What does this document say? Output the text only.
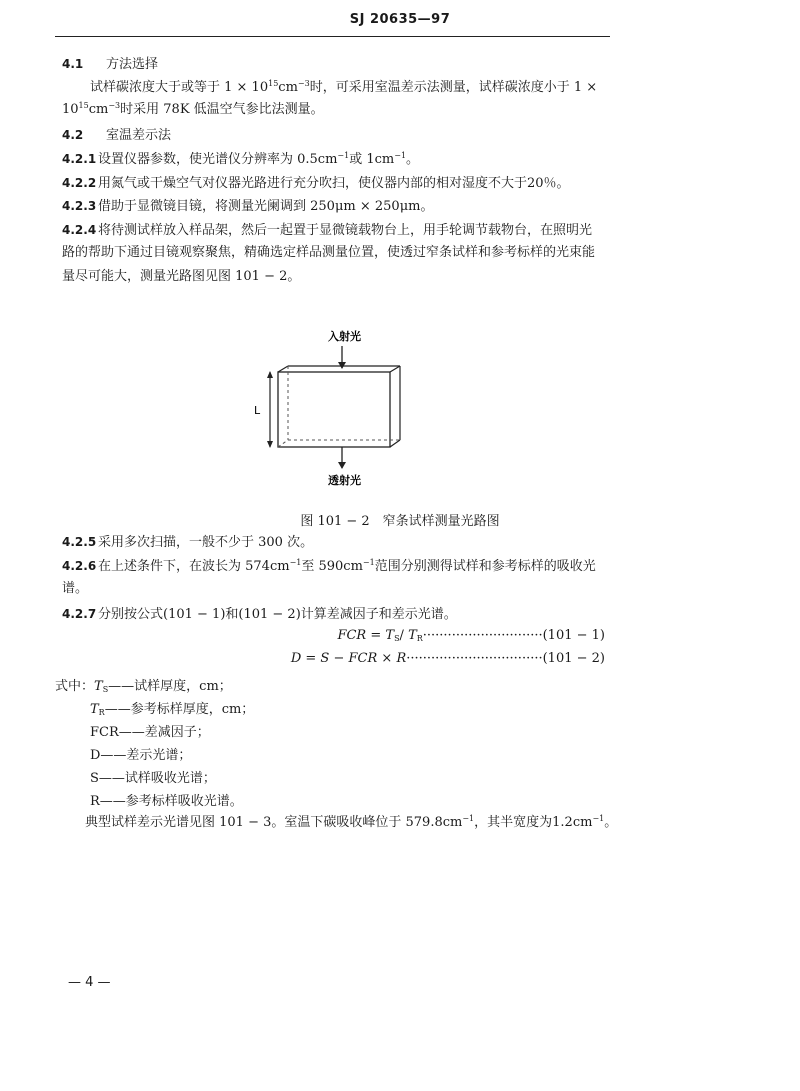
SJ 20635—97
4.1 方法选择
试样碳浓度大于或等于 $1 \times 10^{15}cm^{-3}$时，可采用室温差示法测量，试样碳浓度小于 1 ×
$10^{15}cm^{-3}$时采用 78K 低温空气参比法测量。
4.2 室温差示法
4.2.1 设置仪器参数，使光谱仪分辨率为 $0.5cm^{-1}$或 $1cm^{-1}$。
4.2.2 用氮气或干燥空气对仪器光路进行充分吹扫，使仪器内部的相对湿度不大于20％。
4.2.3 借助于显微镜目镜，将测量光阑调到 250μm × 250μm。
4.2.4 将待测试样放入样品架，然后一起置于显微镜载物台上，用手轮调节载物台，在照明光
路的帮助下通过目镜观察聚焦，精确选定样品测量位置，使透过窄条试样和参考标样的光束能
量尽可能大，测量光路图见图 101 − 2。
入射光
L
透射光
图 101 − 2　窄条试样测量光路图
4.2.5 采用多次扫描，一般不少于 300 次。
4.2.6 在上述条件下，在波长为 $574cm^{-1}$至 $590cm^{-1}$范围分别测得试样和参考标样的吸收光
谱。
4.2.7 分别按公式(101 − 1)和(101 − 2)计算差减因子和差示光谱。
FCR = $T_S/$ $T_R\cdot\cdot\cdot\cdot\cdot\cdot\cdot\cdot\cdot\cdot\cdot\cdot\cdot\cdot\cdot\cdot\cdot\cdot\cdot\cdot\cdot\cdot\cdot\cdot\cdot\cdot\cdot\cdot\cdot(101 - 1)$
D = S − FCR × R·································(101 − 2)
式中：$T_S——$试样厚度，cm；
$T_R——$参考标样厚度，cm；
FCR——差减因子；
D——差示光谱；
S——试样吸收光谱；
R——参考标样吸收光谱。
典型试样差示光谱见图 101 − 3。室温下碳吸收峰位于 $579.8cm^{-1}$，其半宽度为$1.2cm^{-1}$。
— 4 —
